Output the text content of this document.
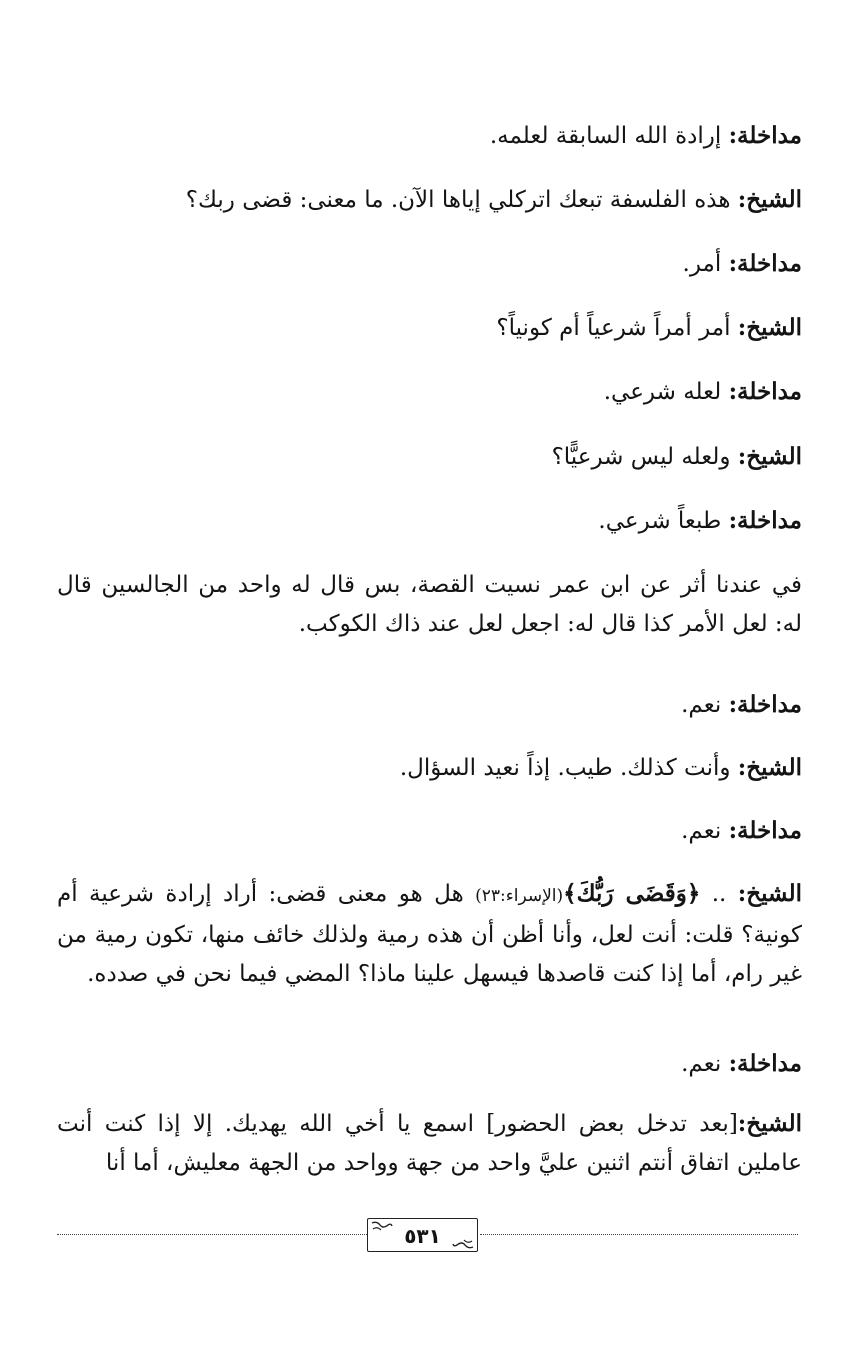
مداخلة: إرادة الله السابقة لعلمه.

الشيخ: هذه الفلسفة تبعك اتركلي إياها الآن. ما معنى: قضى ربك؟

مداخلة: أمر.

الشيخ: أمر أمراً شرعياً أم كونياً؟

مداخلة: لعله شرعي.

الشيخ: ولعله ليس شرعيًّا؟

مداخلة: طبعاً شرعي.

في عندنا أثر عن ابن عمر نسيت القصة، بس قال له واحد من الجالسين قال له: لعل الأمر كذا قال له: اجعل لعل عند ذاك الكوكب.

مداخلة: نعم.

الشيخ: وأنت كذلك. طيب. إذاً نعيد السؤال.

مداخلة: نعم.

الشيخ: .. ﴿وَقَضَى رَبُّكَ﴾(الإسراء:٢٣) هل هو معنى قضى: أراد إرادة شرعية أم كونية؟ قلت: أنت لعل، وأنا أظن أن هذه رمية ولذلك خائف منها، تكون رمية من غير رام، أما إذا كنت قاصدها فيسهل علينا ماذا؟ المضي فيما نحن في صدده.

مداخلة: نعم.

الشيخ:[بعد تدخل بعض الحضور] اسمع يا أخي الله يهديك. إلا إذا كنت أنت عاملين اتفاق أنتم اثنين عليَّ واحد من جهة وواحد من الجهة معليش، أما أنا

٥٣١
